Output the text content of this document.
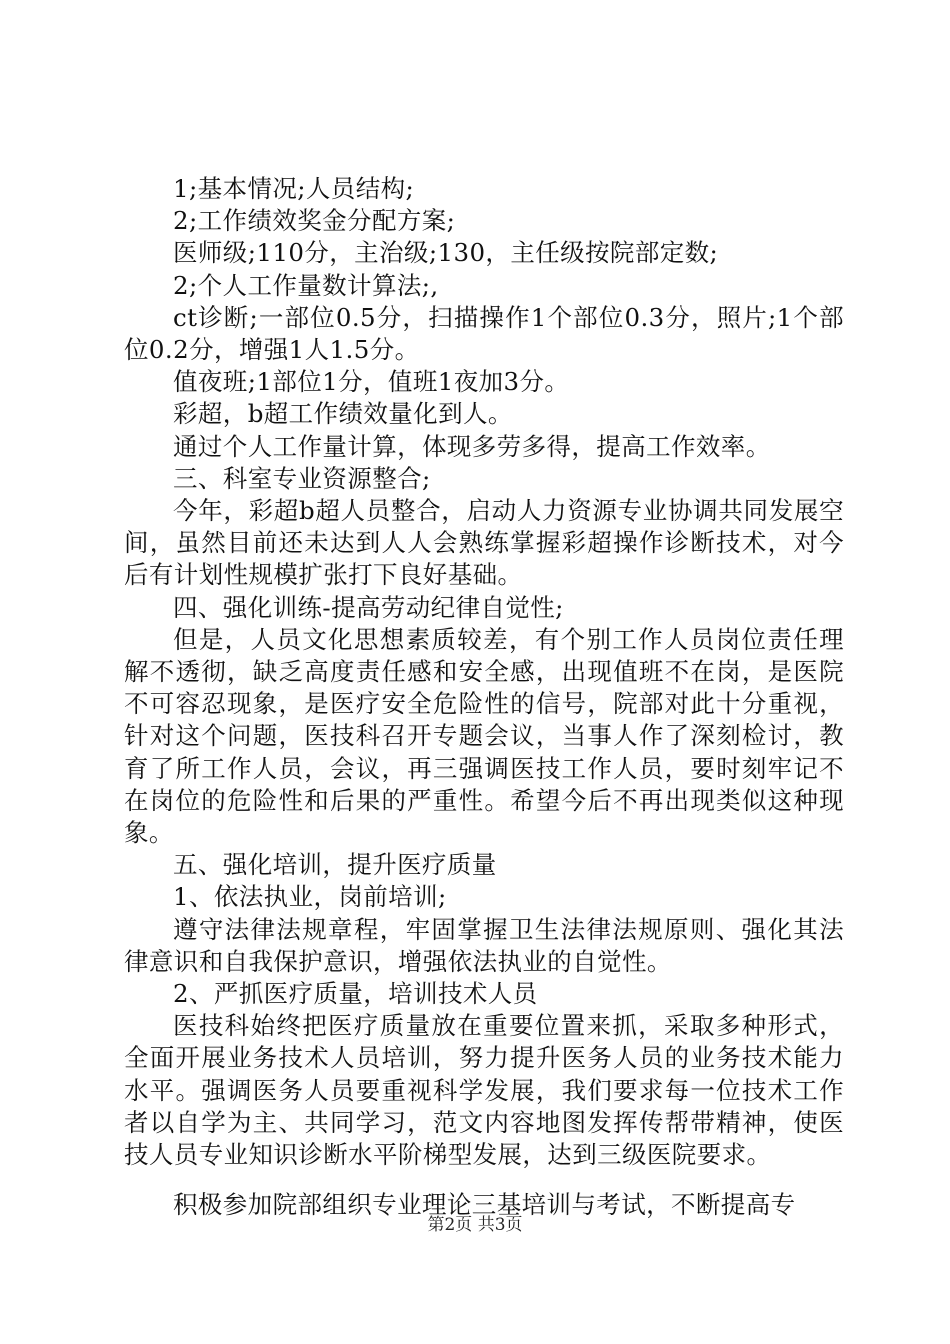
1;基本情况;人员结构;

2;工作绩效奖金分配方案;

医师级;110分，主治级;130，主任级按院部定数;

2;个人工作量数计算法;,

ct诊断;一部位0.5分，扫描操作1个部位0.3分，照片;1个部位0.2分，增强1人1.5分。

值夜班;1部位1分，值班1夜加3分。

彩超，b超工作绩效量化到人。

通过个人工作量计算，体现多劳多得，提高工作效率。

三、科室专业资源整合;

今年，彩超b超人员整合，启动人力资源专业协调共同发展空间，虽然目前还未达到人人会熟练掌握彩超操作诊断技术，对今后有计划性规模扩张打下良好基础。

四、强化训练-提高劳动纪律自觉性;

但是，人员文化思想素质较差，有个别工作人员岗位责任理解不透彻，缺乏高度责任感和安全感，出现值班不在岗，是医院不可容忍现象，是医疗安全危险性的信号，院部对此十分重视，针对这个问题，医技科召开专题会议，当事人作了深刻检讨，教育了所工作人员，会议，再三强调医技工作人员，要时刻牢记不在岗位的危险性和后果的严重性。希望今后不再出现类似这种现象。

五、强化培训，提升医疗质量

1、依法执业，岗前培训;

遵守法律法规章程，牢固掌握卫生法律法规原则、强化其法律意识和自我保护意识，增强依法执业的自觉性。

2、严抓医疗质量，培训技术人员

医技科始终把医疗质量放在重要位置来抓，采取多种形式，全面开展业务技术人员培训，努力提升医务人员的业务技术能力水平。强调医务人员要重视科学发展，我们要求每一位技术工作者以自学为主、共同学习，范文内容地图发挥传帮带精神，使医技人员专业知识诊断水平阶梯型发展，达到三级医院要求。

积极参加院部组织专业理论三基培训与考试，不断提高专

第2页 共3页
